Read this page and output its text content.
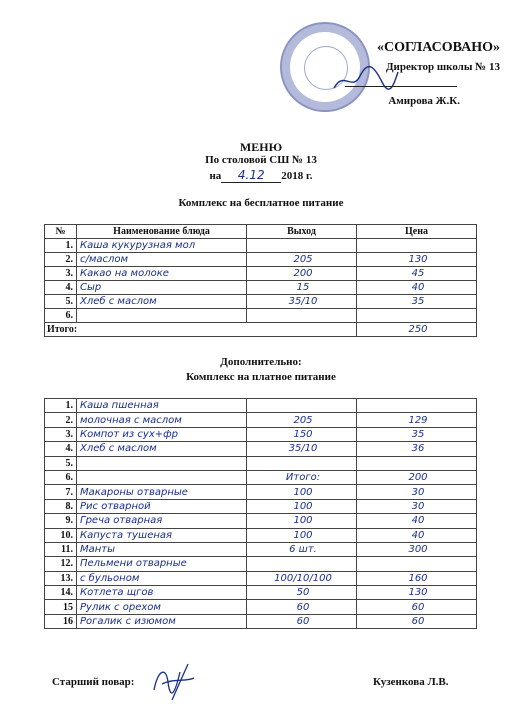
«СОГЛАСОВАНО»
Директор школы № 13
Амирова Ж.К.
МЕНЮ
По столовой СШ № 13
на 4.12 2018 г.
Комплекс на бесплатное питание
№	Наименование блюда	Выход	Цена
1.	Каша кукурузная мол		
2.	с/маслом	205	130
3.	Какао на молоке	200	45
4.	Сыр	15	40
5.	Хлеб с маслом	35/10	35
6.			
Итого:			250
Дополнительно:
Комплекс на платное питание
1.	Каша пшенная		
2.	молочная с маслом	205	129
3.	Компот из сух+фр	150	35
4.	Хлеб с маслом	35/10	36
5.			
6.		Итого:	200
7.	Макароны отварные	100	30
8.	Рис отварной	100	30
9.	Греча отварная	100	40
10.	Капуста тушеная	100	40
11.	Манты	6 шт.	300
12.	Пельмени отварные		
13.	с бульоном	100/10/100	160
14.	Котлета щгов	50	130
15	Рулик с орехом	60	60
16	Рогалик с изюмом	60	60
Старший повар:	Кузенкова Л.В.
